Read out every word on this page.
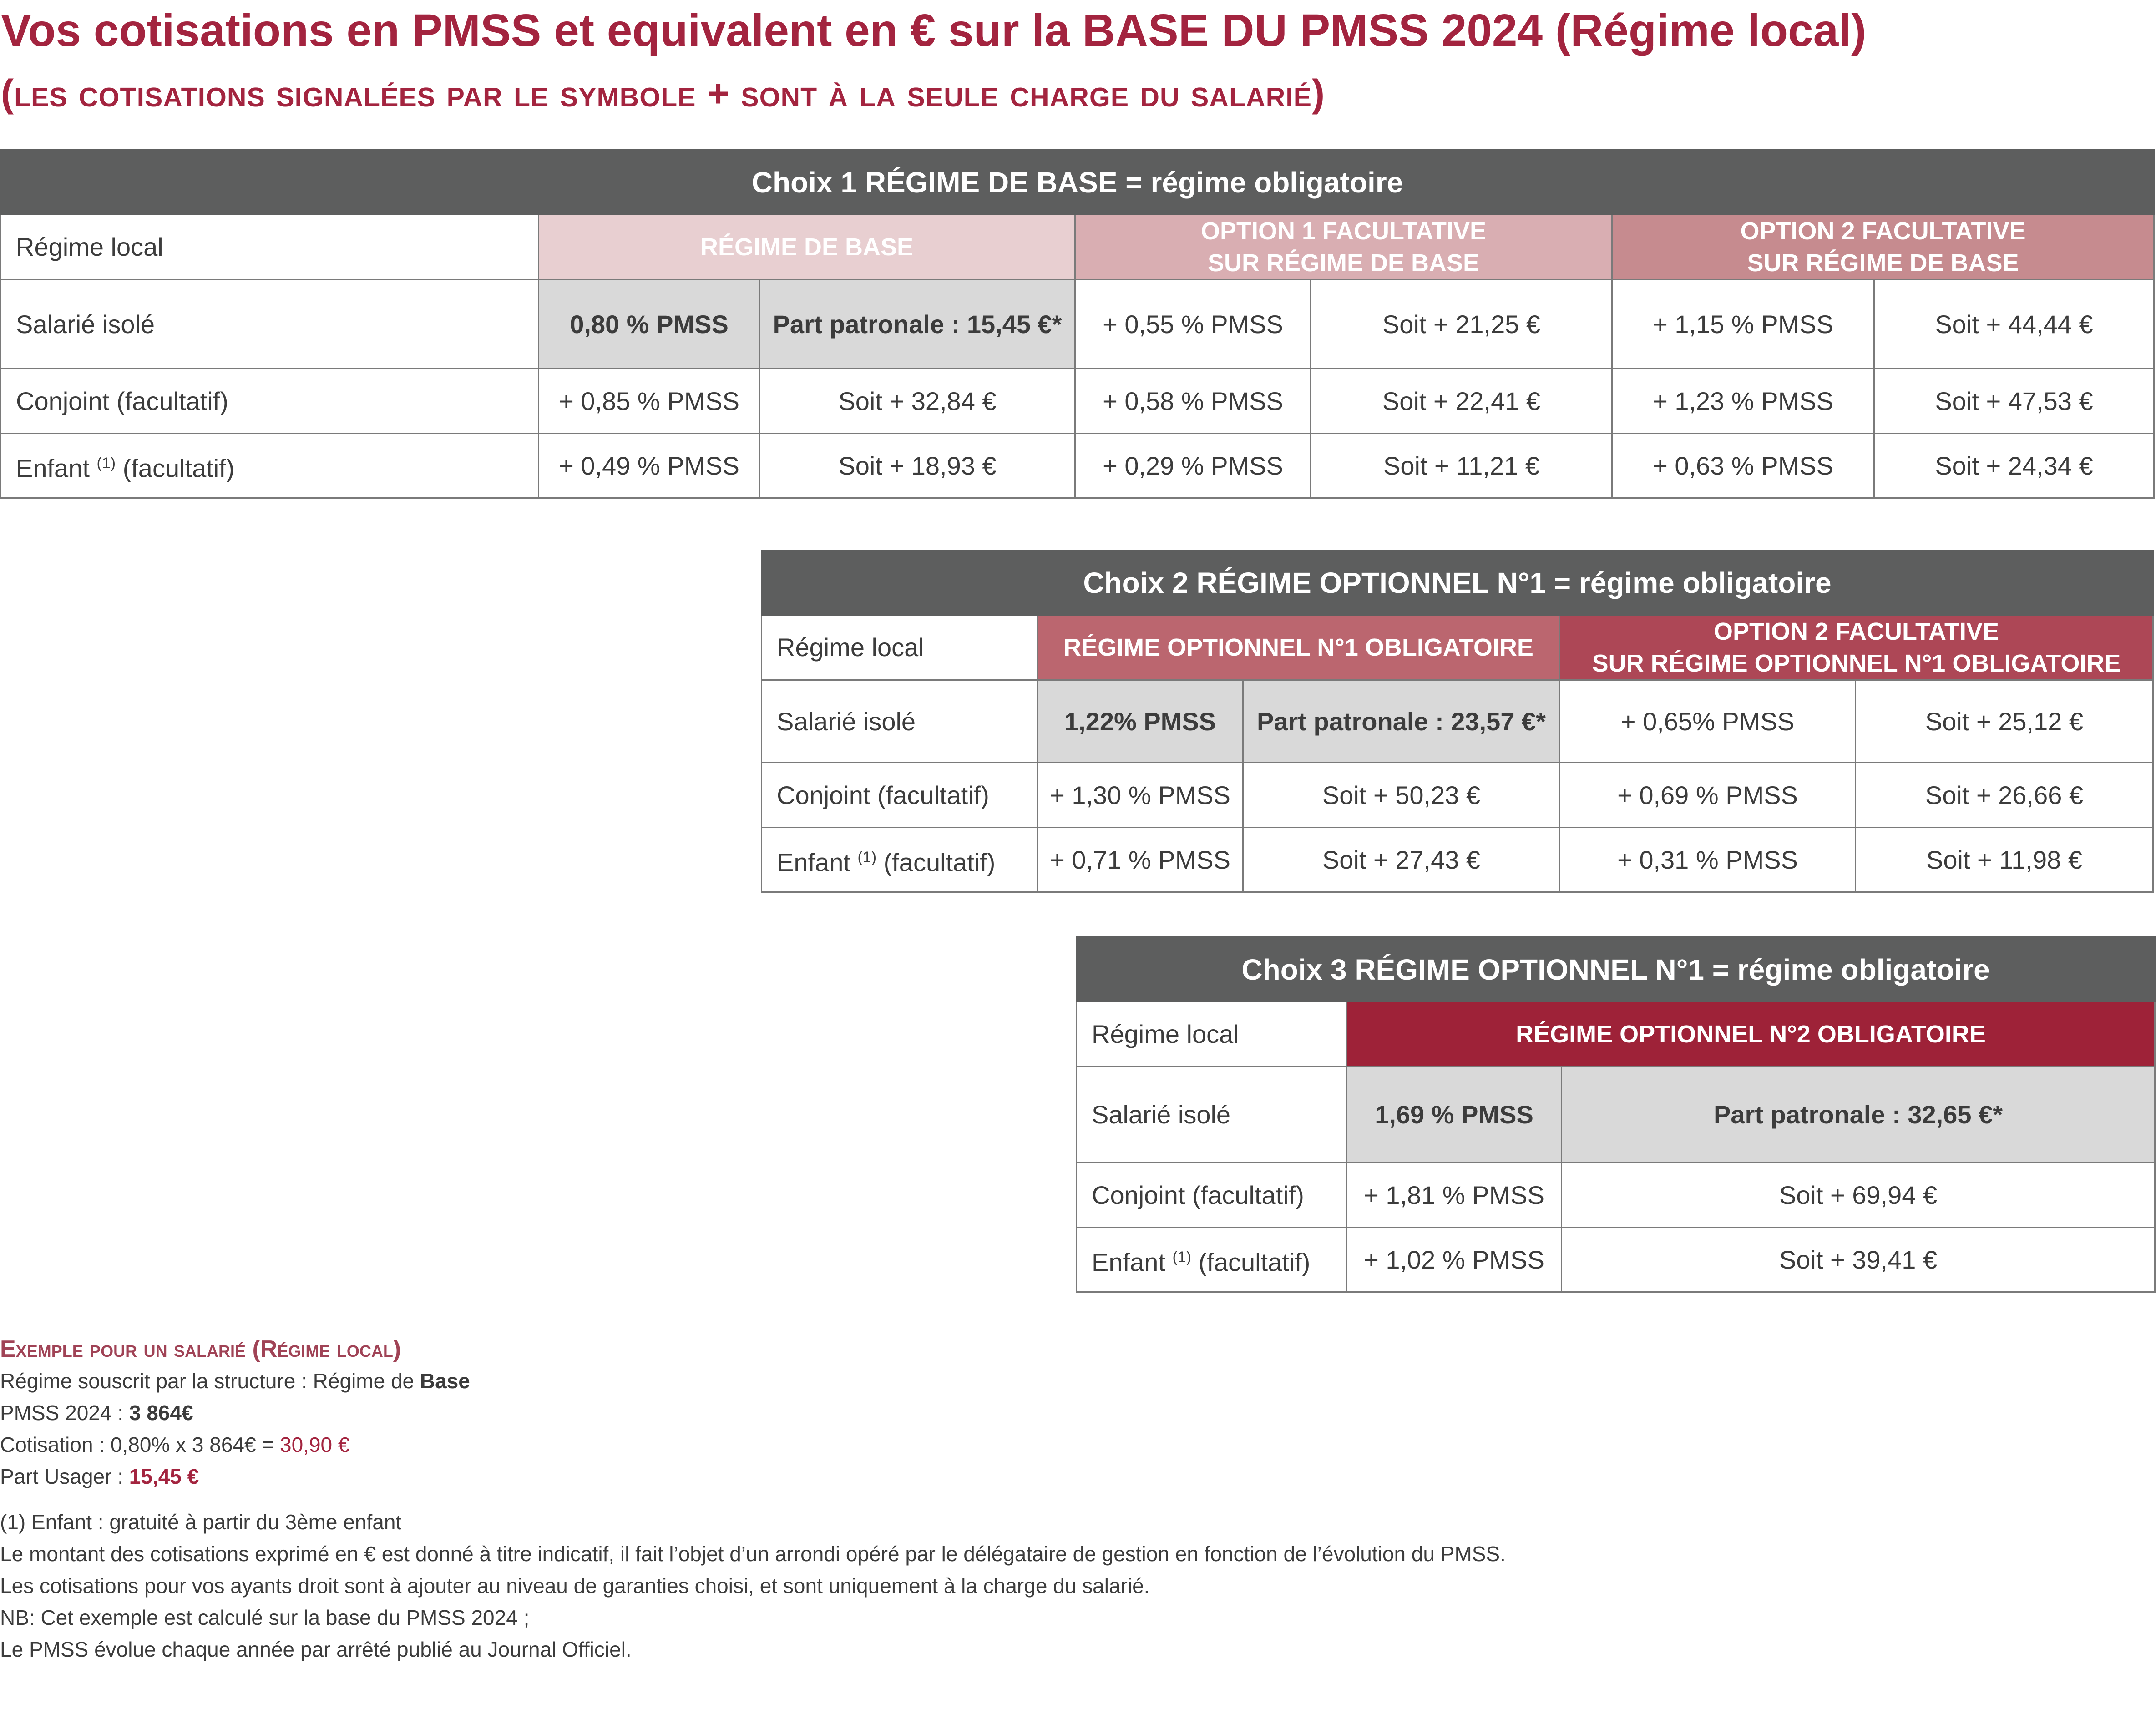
Vos cotisations en PMSS et equivalent en € sur la BASE DU PMSS 2024 (Régime local)
(les cotisations signalées par le symbole + sont à la seule charge du salarié)
Choix 1 RÉGIME DE BASE = régime obligatoire						
Régime local	RÉGIME DE BASE		OPTION 1 FACULTATIVE
SUR RÉGIME DE BASE		OPTION 2 FACULTATIVE
SUR RÉGIME DE BASE	
Salarié isolé	0,80 % PMSS	Part patronale : 15,45 €*	+ 0,55 % PMSS	Soit + 21,25 €	+ 1,15 % PMSS	Soit + 44,44 €
Conjoint (facultatif)	+ 0,85 % PMSS	Soit + 32,84 €	+ 0,58 % PMSS	Soit + 22,41 €	+ 1,23 % PMSS	Soit + 47,53 €
Enfant $^{(1)}$ (facultatif)	+ 0,49 % PMSS	Soit + 18,93 €	+ 0,29 % PMSS	Soit + 11,21 €	+ 0,63 % PMSS	Soit + 24,34 €
Choix 2 RÉGIME OPTIONNEL N°1 = régime obligatoire				
Régime local	RÉGIME OPTIONNEL N°1 OBLIGATOIRE		OPTION 2 FACULTATIVE
SUR RÉGIME OPTIONNEL N°1 OBLIGATOIRE	
Salarié isolé	1,22% PMSS	Part patronale : 23,57 €*	+ 0,65% PMSS	Soit + 25,12 €
Conjoint (facultatif)	+ 1,30 % PMSS	Soit + 50,23 €	+ 0,69 % PMSS	Soit + 26,66 €
Enfant $^{(1)}$ (facultatif)	+ 0,71 % PMSS	Soit + 27,43 €	+ 0,31 % PMSS	Soit + 11,98 €
Choix 3 RÉGIME OPTIONNEL N°1 = régime obligatoire		
Régime local	RÉGIME OPTIONNEL N°2 OBLIGATOIRE	
Salarié isolé	1,69 % PMSS	Part patronale : 32,65 €*
Conjoint (facultatif)	+ 1,81 % PMSS	Soit + 69,94 €
Enfant $^{(1)}$ (facultatif)	+ 1,02 % PMSS	Soit + 39,41 €
Exemple pour un salarié (Régime local)
Régime souscrit par la structure : Régime de Base
PMSS 2024 : 3 864€
Cotisation : 0,80% x 3 864€ = 30,90 €
Part Usager : 15,45 €
(1) Enfant : gratuité à partir du 3ème enfant
Le montant des cotisations exprimé en € est donné à titre indicatif, il fait l’objet d’un arrondi opéré par le délégataire de gestion en fonction de l’évolution du PMSS.
Les cotisations pour vos ayants droit sont à ajouter au niveau de garanties choisi, et sont uniquement à la charge du salarié.
NB: Cet exemple est calculé sur la base du PMSS 2024 ;
Le PMSS évolue chaque année par arrêté publié au Journal Officiel.
